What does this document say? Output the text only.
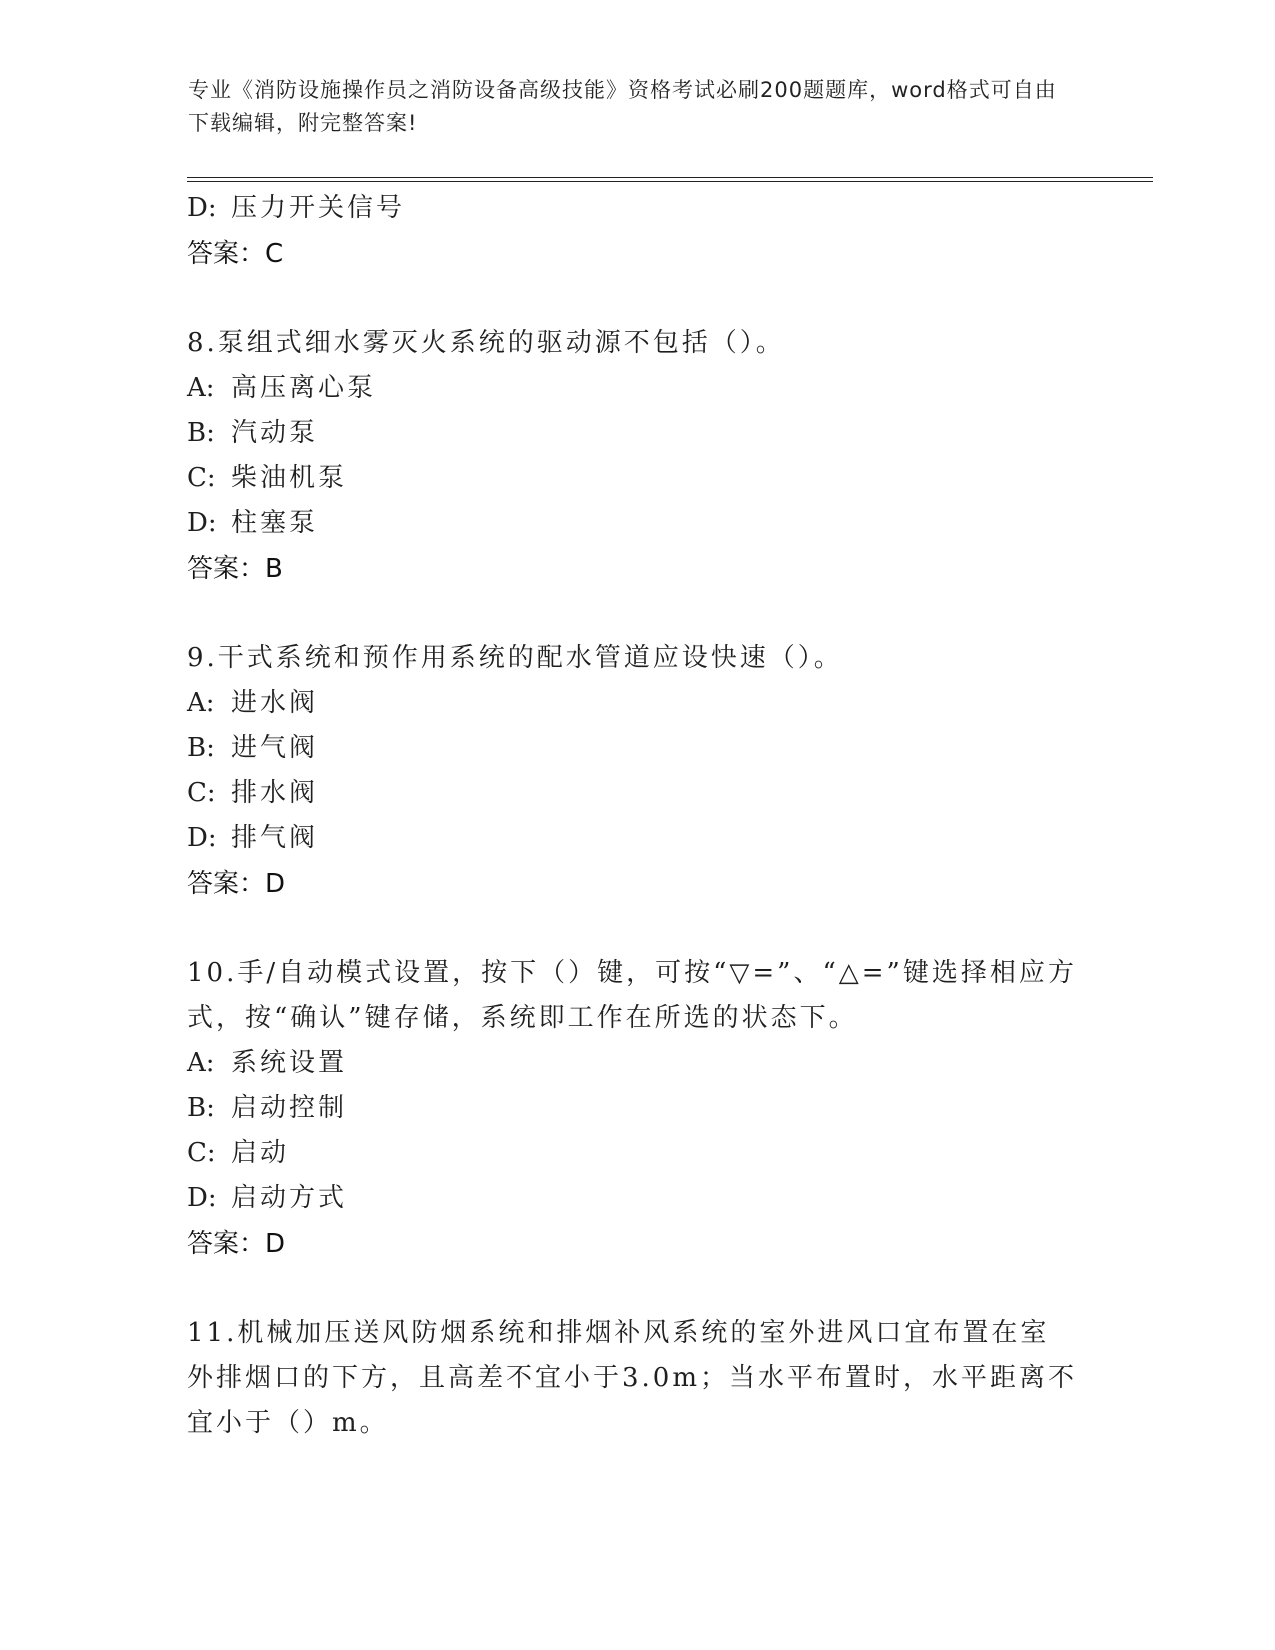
专业《消防设施操作员之消防设备高级技能》资格考试必刷200题题库，word格式可自由下载编辑，附完整答案!
D: 压力开关信号
答案：C
8.泵组式细水雾灭火系统的驱动源不包括（）。
A: 高压离心泵
B: 汽动泵
C: 柴油机泵
D: 柱塞泵
答案：B
9.干式系统和预作用系统的配水管道应设快速（）。
A: 进水阀
B: 进气阀
C: 排水阀
D: 排气阀
答案：D
10.手/自动模式设置，按下（）键，可按“▽=”、“△=”键选择相应方式，按“确认”键存储，系统即工作在所选的状态下。
A: 系统设置
B: 启动控制
C: 启动
D: 启动方式
答案：D
11.机械加压送风防烟系统和排烟补风系统的室外进风口宜布置在室外排烟口的下方，且高差不宜小于3.0m；当水平布置时，水平距离不宜小于（）m。
